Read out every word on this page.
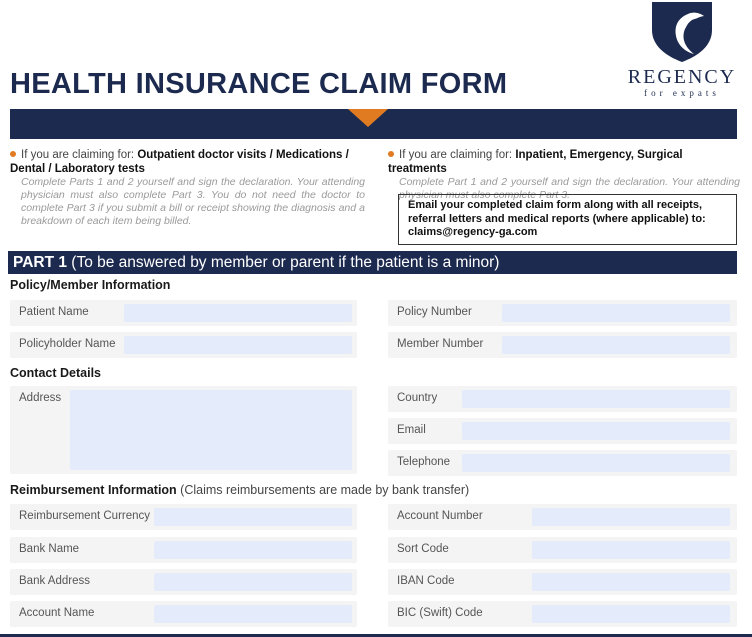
HEALTH INSURANCE CLAIM FORM	REGENCY
for expats
If you are claiming for: Outpatient doctor visits / Medications / Dental / Laboratory tests
Complete Parts 1 and 2 yourself and sign the declaration. Your attending physician must also complete Part 3. You do not need the doctor to complete Part 3 if you submit a bill or receipt showing the diagnosis and a breakdown of each item being billed.
If you are claiming for: Inpatient, Emergency, Surgical treatments
Complete Part 1 and 2 yourself and sign the declaration. Your attending physician must also complete Part 3.
Email your completed claim form along with all receipts, referral letters and medical reports (where applicable) to: claims@regency-ga.com
PART 1 (To be answered by member or parent if the patient is a minor)
Policy/Member Information
Patient Name
Policyholder Name
Policy Number
Member Number
Contact Details
Address	Country
Email
Telephone
Reimbursement Information (Claims reimbursements are made by bank transfer)
Reimbursement Currency
Bank Name
Bank Address
Account Name
Account Number
Sort Code
IBAN Code
BIC (Swift) Code
